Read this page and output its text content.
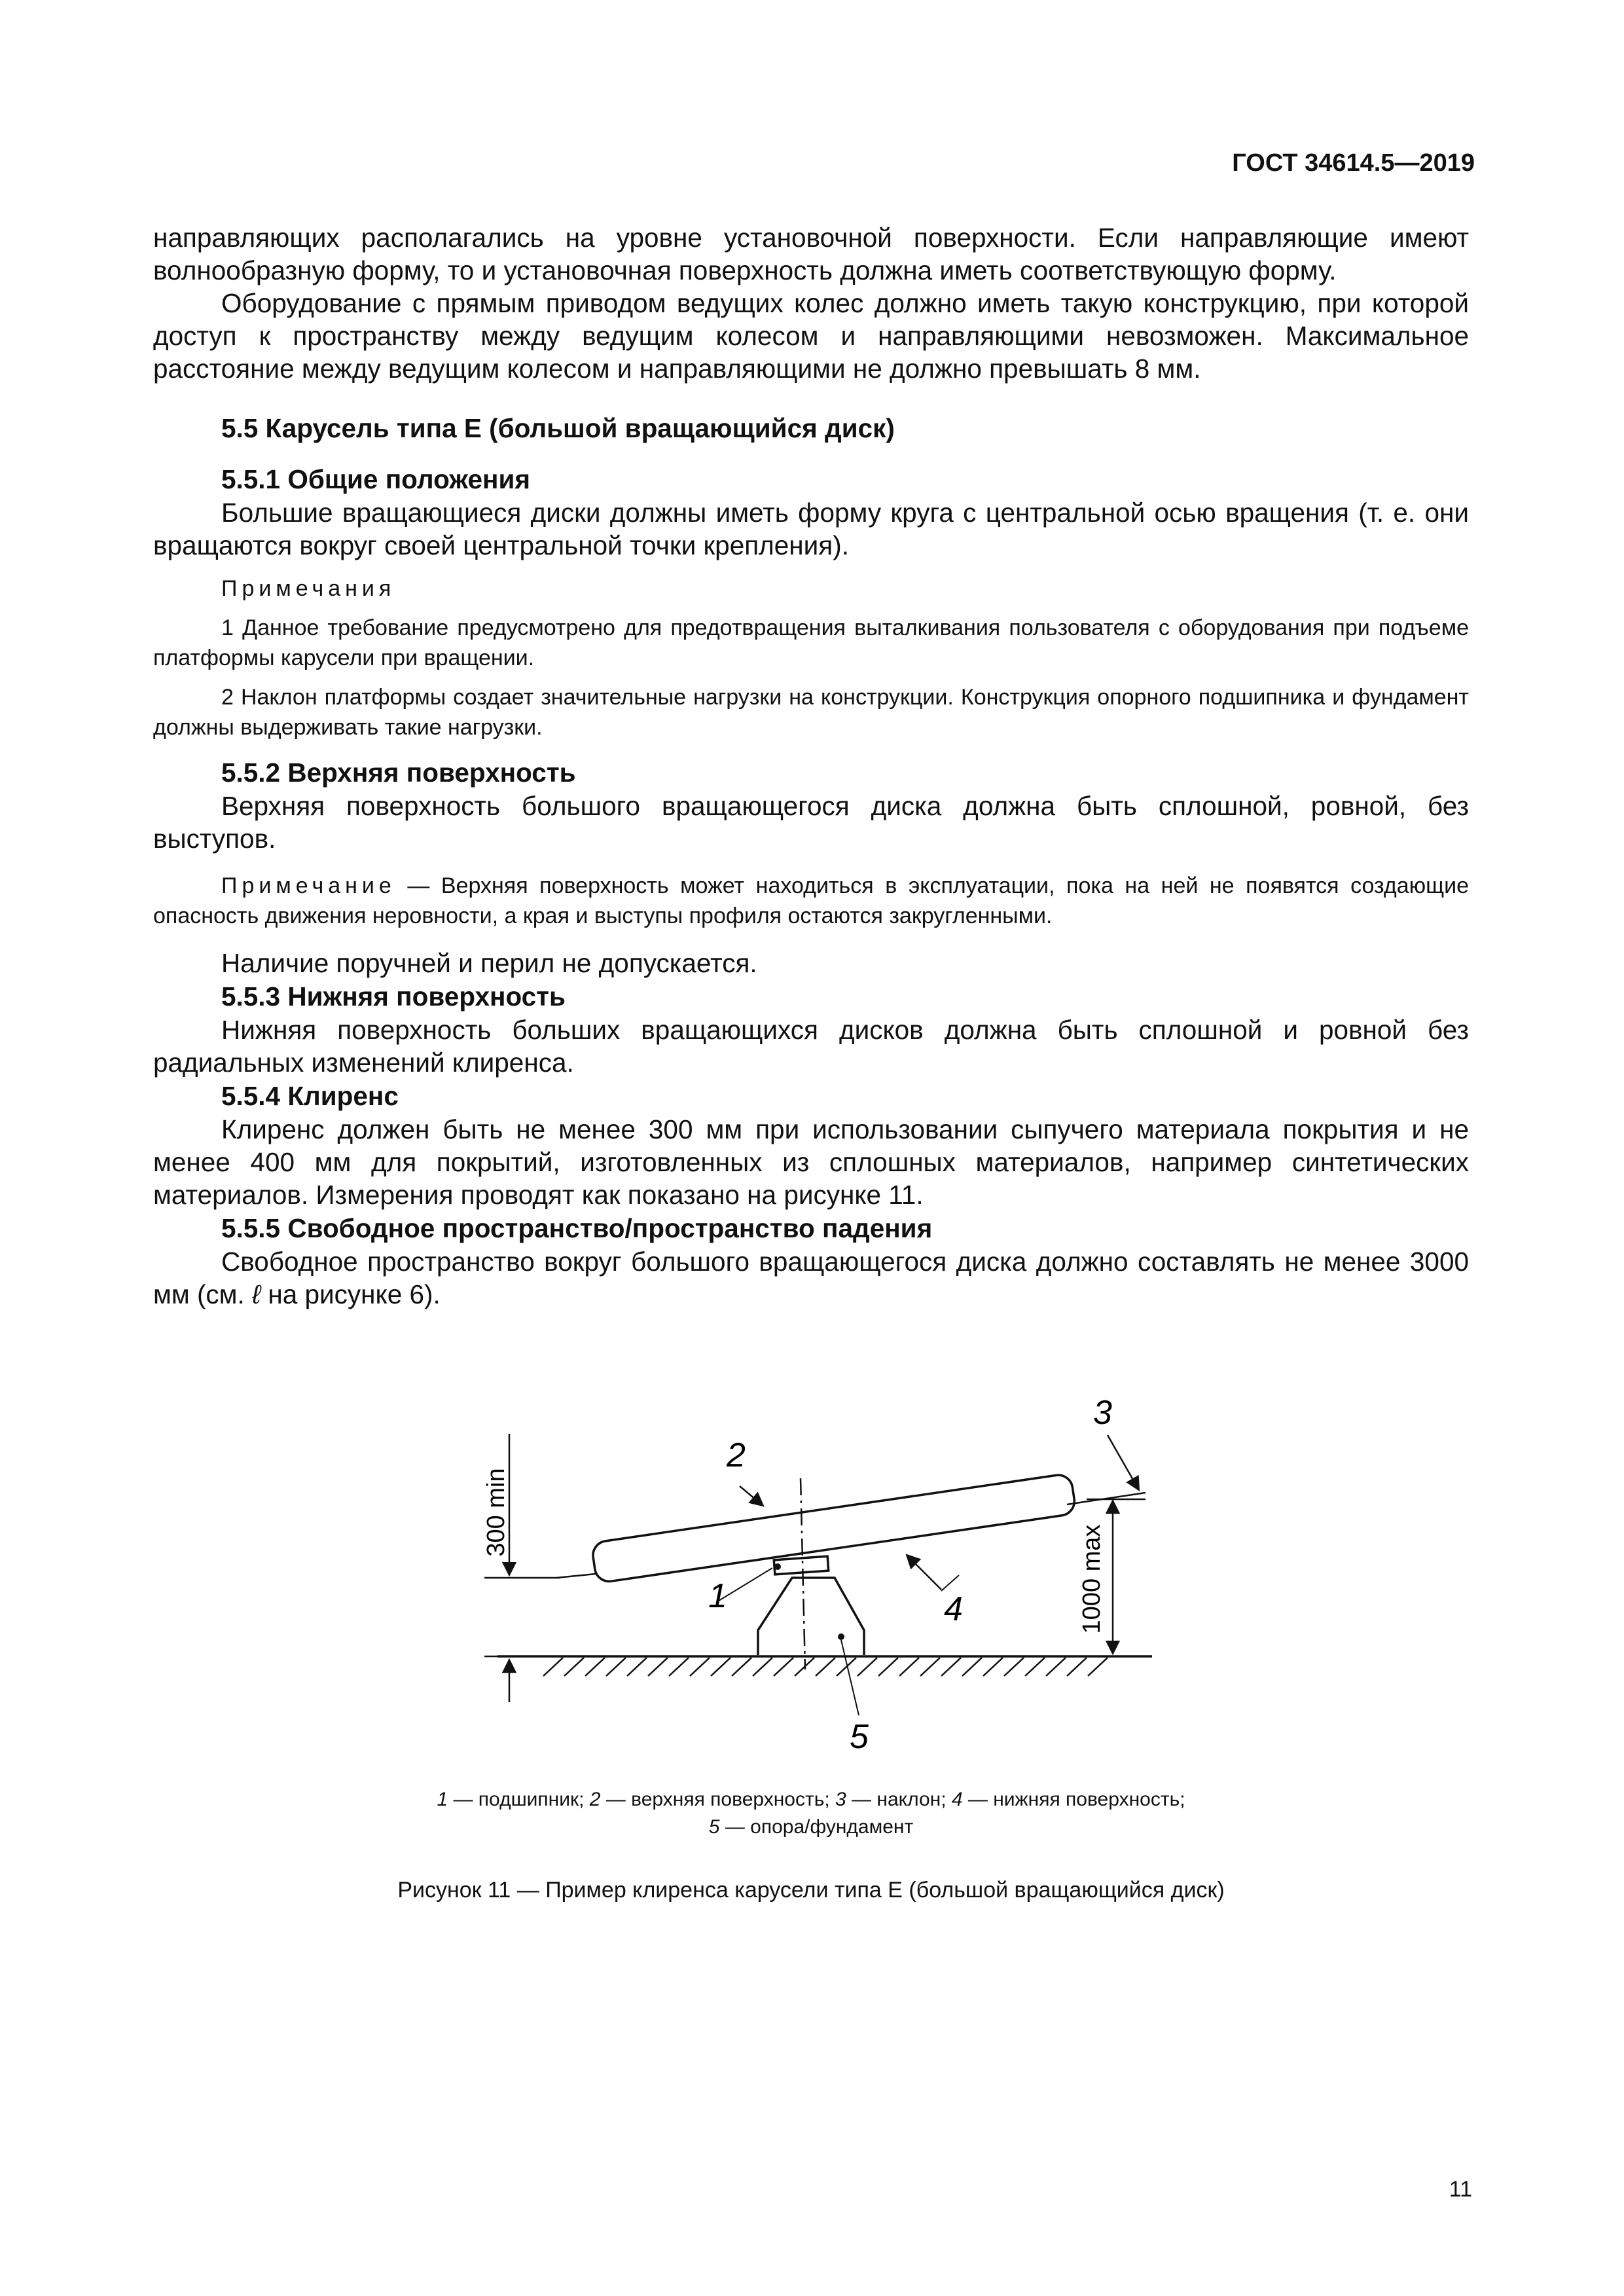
ГОСТ 34614.5—2019

направляющих располагались на уровне установочной поверхности. Если направляющие имеют волнообразную форму, то и установочная поверхность должна иметь соответствующую форму.

Оборудование с прямым приводом ведущих колес должно иметь такую конструкцию, при которой доступ к пространству между ведущим колесом и направляющими невозможен. Максимальное расстояние между ведущим колесом и направляющими не должно превышать 8 мм.

5.5 Карусель типа Е (большой вращающийся диск)
5.5.1 Общие положения

Большие вращающиеся диски должны иметь форму круга с центральной осью вращения (т. е. они вращаются вокруг своей центральной точки крепления).

Примечания

1 Данное требование предусмотрено для предотвращения выталкивания пользователя с оборудования при подъеме платформы карусели при вращении.

2 Наклон платформы создает значительные нагрузки на конструкции. Конструкция опорного подшипника и фундамент должны выдерживать такие нагрузки.

5.5.2 Верхняя поверхность

Верхняя поверхность большого вращающегося диска должна быть сплошной, ровной, без выступов.

Примечание — Верхняя поверхность может находиться в эксплуатации, пока на ней не появятся создающие опасность движения неровности, а края и выступы профиля остаются закругленными.

Наличие поручней и перил не допускается.

5.5.3 Нижняя поверхность

Нижняя поверхность больших вращающихся дисков должна быть сплошной и ровной без радиальных изменений клиренса.

5.5.4 Клиренс

Клиренс должен быть не менее 300 мм при использовании сыпучего материала покрытия и не менее 400 мм для покрытий, изготовленных из сплошных материалов, например синтетических материалов. Измерения проводят как показано на рисунке 11.

5.5.5 Свободное пространство/пространство падения

Свободное пространство вокруг большого вращающегося диска должно составлять не менее 3000 мм (см. ℓ на рисунке 6).

300 min
1000 max
2
1	4
3
5
1 — подшипник; 2 — верхняя поверхность; 3 — наклон; 4 — нижняя поверхность;
5 — опора/фундамент
Рисунок 11 — Пример клиренса карусели типа Е (большой вращающийся диск)
11
